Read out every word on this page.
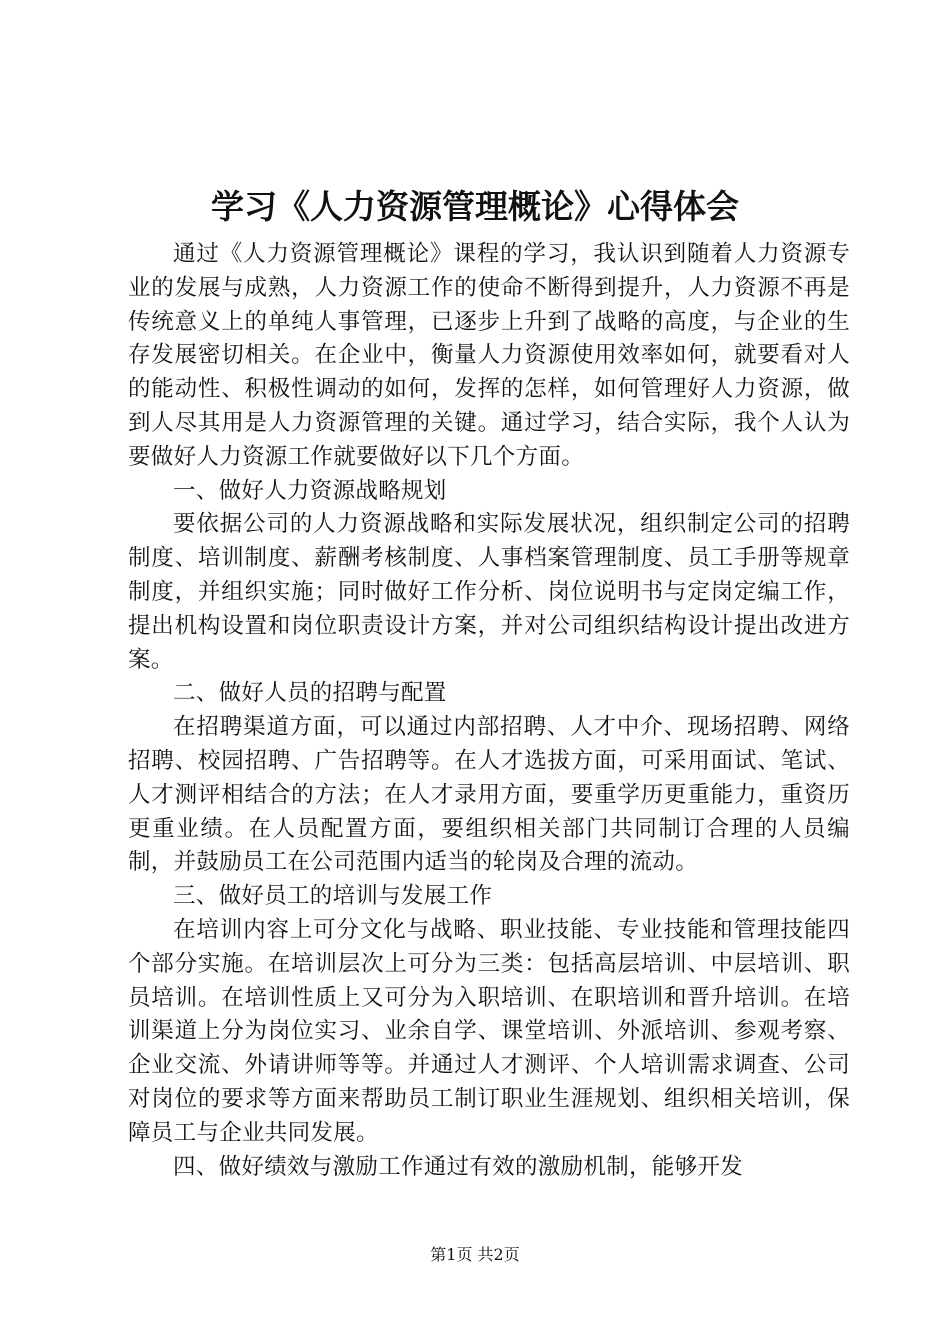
学习《人力资源管理概论》心得体会

通过《人力资源管理概论》课程的学习，我认识到随着人力资源专业的发展与成熟，人力资源工作的使命不断得到提升，人力资源不再是传统意义上的单纯人事管理，已逐步上升到了战略的高度，与企业的生存发展密切相关。在企业中，衡量人力资源使用效率如何，就要看对人的能动性、积极性调动的如何，发挥的怎样，如何管理好人力资源，做到人尽其用是人力资源管理的关键。通过学习，结合实际，我个人认为要做好人力资源工作就要做好以下几个方面。

一、做好人力资源战略规划

要依据公司的人力资源战略和实际发展状况，组织制定公司的招聘制度、培训制度、薪酬考核制度、人事档案管理制度、员工手册等规章制度，并组织实施；同时做好工作分析、岗位说明书与定岗定编工作，提出机构设置和岗位职责设计方案，并对公司组织结构设计提出改进方案。

二、做好人员的招聘与配置

在招聘渠道方面，可以通过内部招聘、人才中介、现场招聘、网络招聘、校园招聘、广告招聘等。在人才选拔方面，可采用面试、笔试、人才测评相结合的方法；在人才录用方面，要重学历更重能力，重资历更重业绩。在人员配置方面，要组织相关部门共同制订合理的人员编制，并鼓励员工在公司范围内适当的轮岗及合理的流动。

三、做好员工的培训与发展工作

在培训内容上可分文化与战略、职业技能、专业技能和管理技能四个部分实施。在培训层次上可分为三类：包括高层培训、中层培训、职员培训。在培训性质上又可分为入职培训、在职培训和晋升培训。在培训渠道上分为岗位实习、业余自学、课堂培训、外派培训、参观考察、企业交流、外请讲师等等。并通过人才测评、个人培训需求调查、公司对岗位的要求等方面来帮助员工制订职业生涯规划、组织相关培训，保障员工与企业共同发展。

四、做好绩效与激励工作通过有效的激励机制，能够开发

第1页 共2页
